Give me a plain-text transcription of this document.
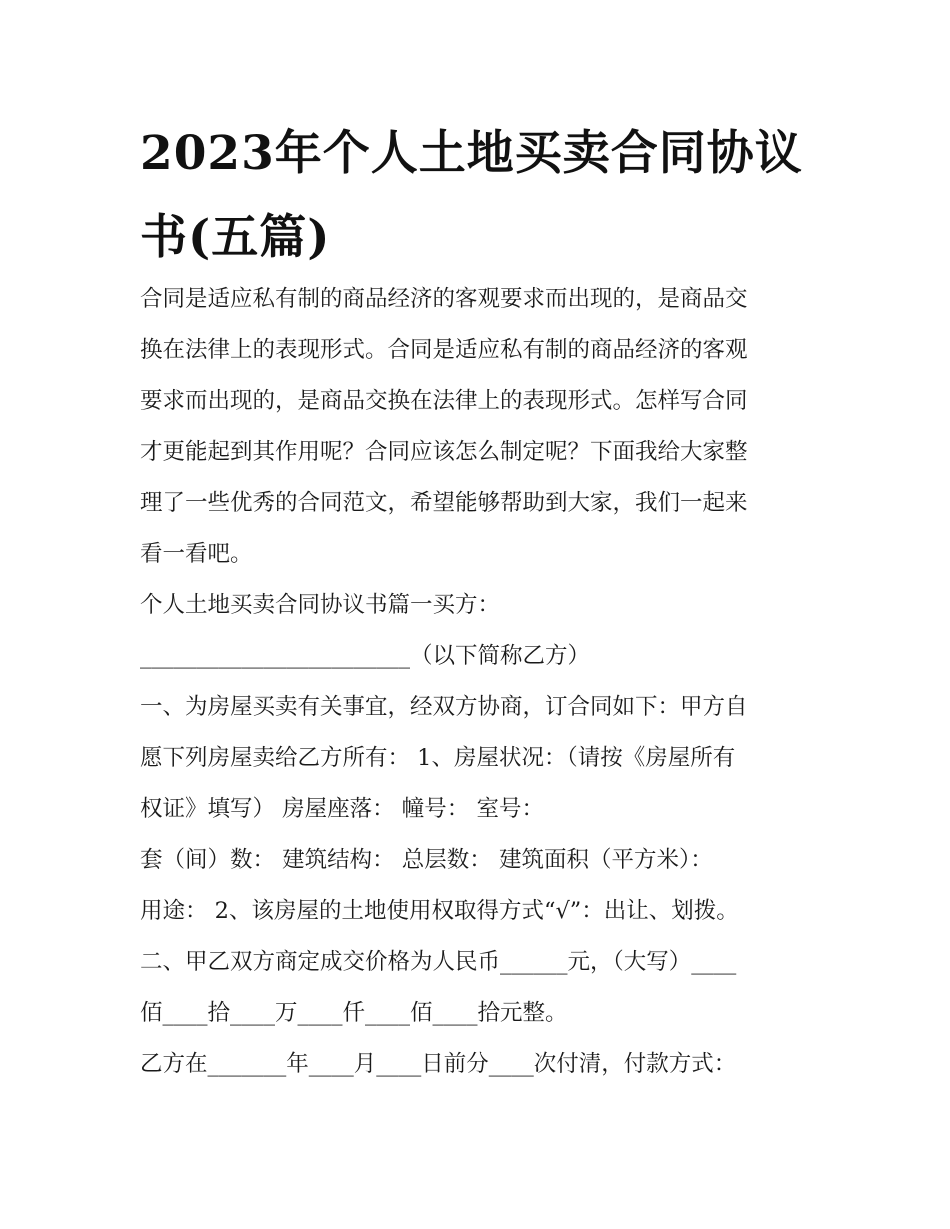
2023年个人土地买卖合同协议书(五篇)
合同是适应私有制的商品经济的客观要求而出现的，是商品交
换在法律上的表现形式。合同是适应私有制的商品经济的客观
要求而出现的，是商品交换在法律上的表现形式。怎样写合同
才更能起到其作用呢？合同应该怎么制定呢？下面我给大家整
理了一些优秀的合同范文，希望能够帮助到大家，我们一起来
看一看吧。
个人土地买卖合同协议书篇一买方：
________________________（以下简称乙方）
一、为房屋买卖有关事宜，经双方协商，订合同如下：甲方自
愿下列房屋卖给乙方所有： 1、房屋状况：（请按《房屋所有
权证》填写） 房屋座落： 幢号： 室号：
套（间）数： 建筑结构： 总层数： 建筑面积（平方米）：
用途： 2、该房屋的土地使用权取得方式“√”：出让、划拨。
二、甲乙双方商定成交价格为人民币______元，（大写）____
佰____拾____万____仟____佰____拾元整。
乙方在_______年____月____日前分____次付清，付款方式：
